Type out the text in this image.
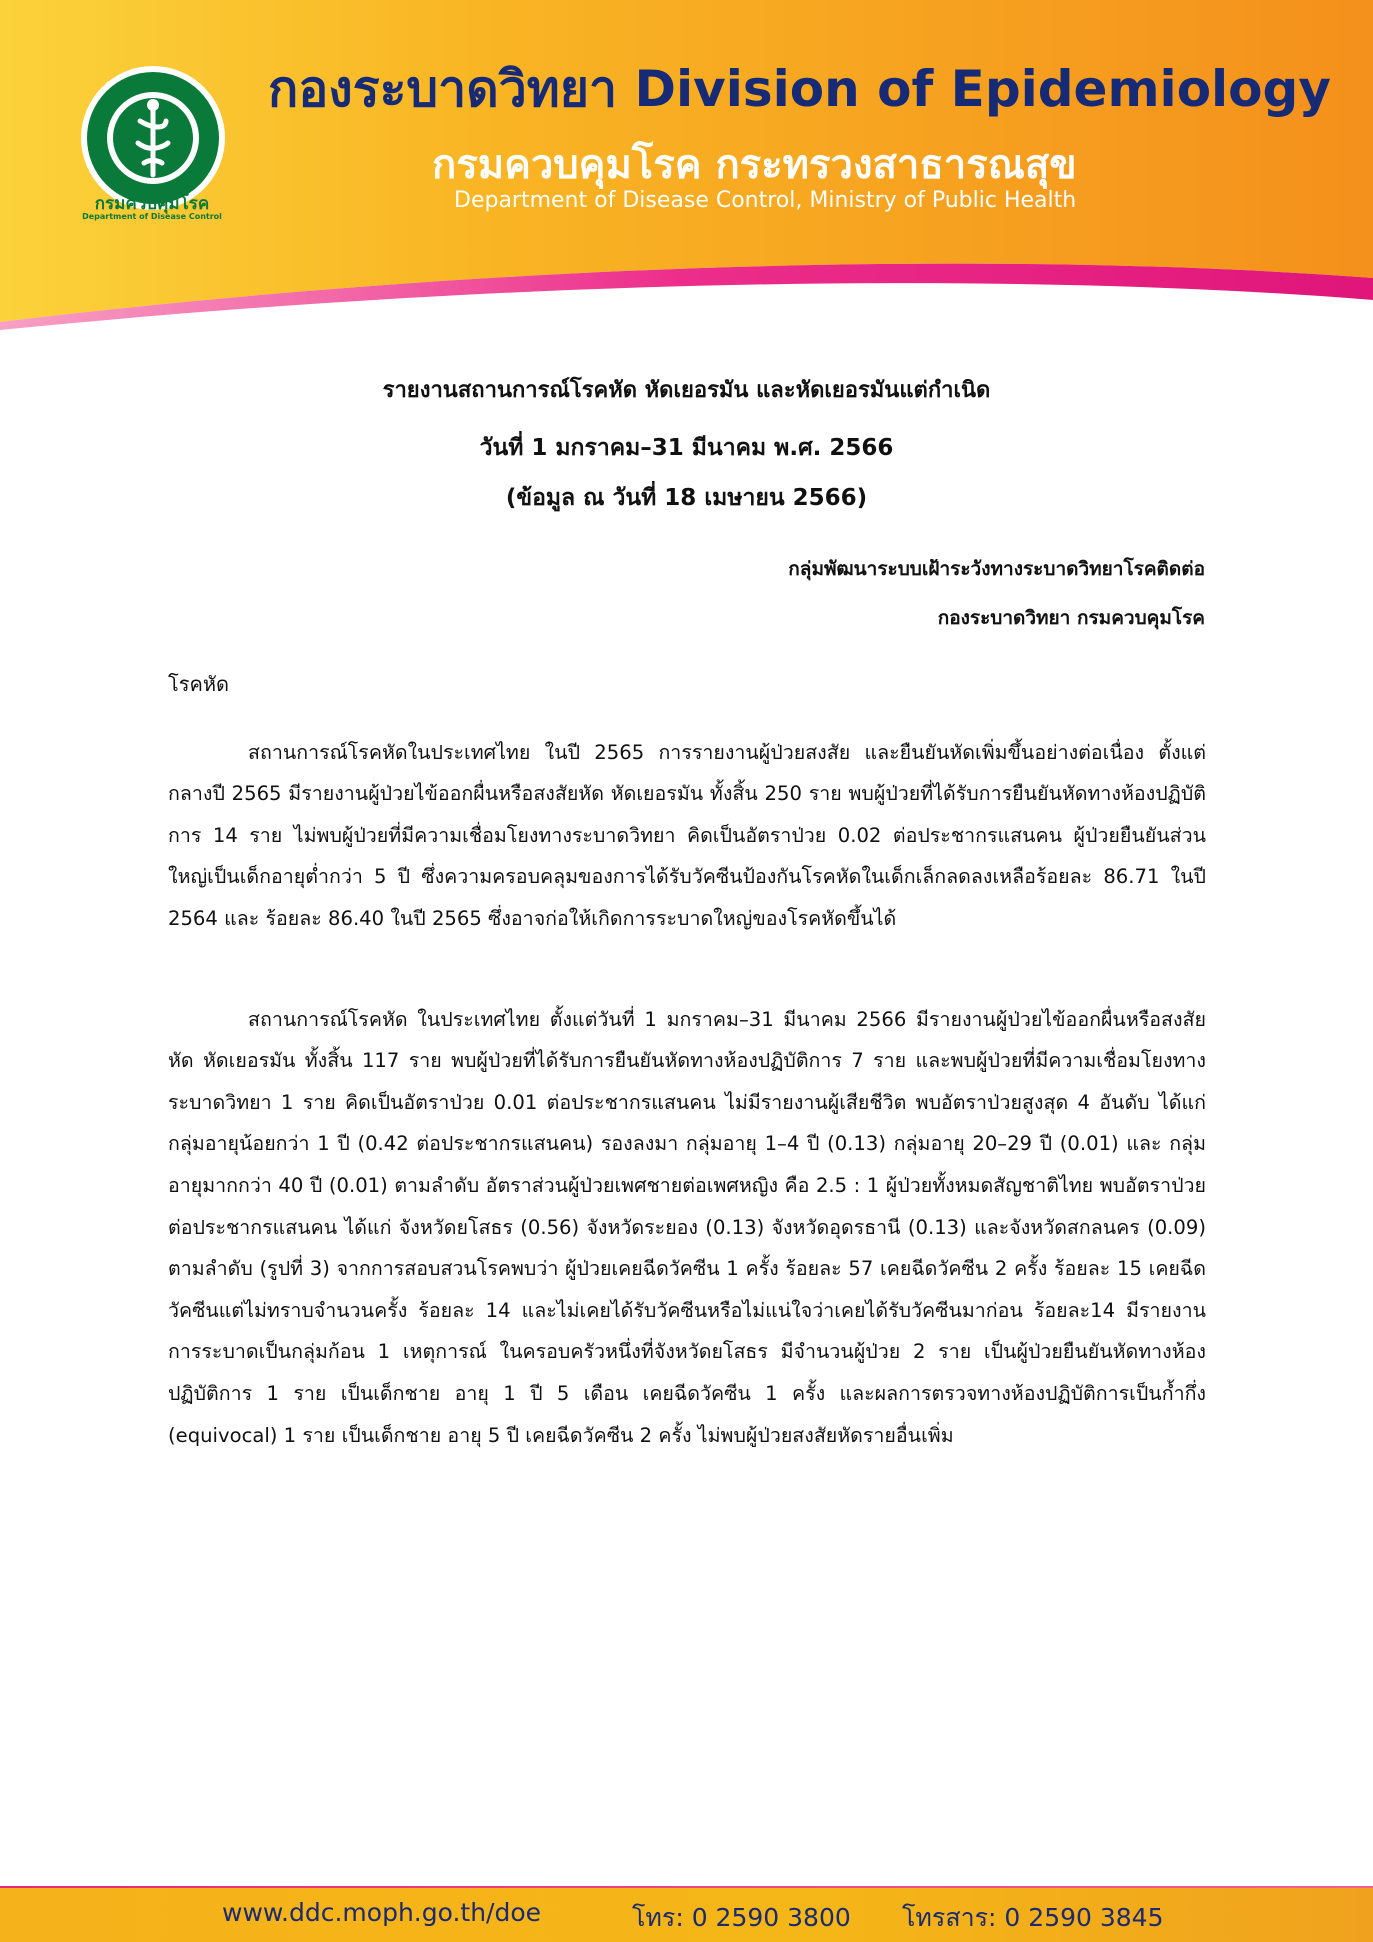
กรมควบคุมโรค
Department of Disease Control
กองระบาดวิทยา Division of Epidemiology
กรมควบคุมโรค กระทรวงสาธารณสุข
Department of Disease Control, Ministry of Public Health
รายงานสถานการณ์โรคหัด หัดเยอรมัน และหัดเยอรมันแต่กำเนิด
วันที่ 1 มกราคม–31 มีนาคม พ.ศ. 2566
(ข้อมูล ณ วันที่ 18 เมษายน 2566)
กลุ่มพัฒนาระบบเฝ้าระวังทางระบาดวิทยาโรคติดต่อ
กองระบาดวิทยา กรมควบคุมโรค
โรคหัด

สถานการณ์โรคหัดในประเทศไทย ในปี 2565 การรายงานผู้ป่วยสงสัย และยืนยันหัดเพิ่มขึ้นอย่างต่อเนื่อง ตั้งแต่กลางปี 2565 มีรายงานผู้ป่วยไข้ออกผื่นหรือสงสัยหัด หัดเยอรมัน ทั้งสิ้น 250 ราย พบผู้ป่วยที่ได้รับการยืนยันหัดทางห้องปฏิบัติการ 14 ราย ไม่พบผู้ป่วยที่มีความเชื่อมโยงทางระบาดวิทยา คิดเป็นอัตราป่วย 0.02 ต่อประชากรแสนคน ผู้ป่วยยืนยันส่วนใหญ่เป็นเด็กอายุต่ำกว่า 5 ปี ซึ่งความครอบคลุมของการได้รับวัคซีนป้องกันโรคหัดในเด็กเล็กลดลงเหลือร้อยละ 86.71 ในปี 2564 และ ร้อยละ 86.40 ในปี 2565 ซึ่งอาจก่อให้เกิดการระบาดใหญ่ของโรคหัดขึ้นได้

สถานการณ์โรคหัด ในประเทศไทย ตั้งแต่วันที่ 1 มกราคม–31 มีนาคม 2566 มีรายงานผู้ป่วยไข้ออกผื่นหรือสงสัยหัด หัดเยอรมัน ทั้งสิ้น 117 ราย พบผู้ป่วยที่ได้รับการยืนยันหัดทางห้องปฏิบัติการ 7 ราย และพบผู้ป่วยที่มีความเชื่อมโยงทางระบาดวิทยา 1 ราย คิดเป็นอัตราป่วย 0.01 ต่อประชากรแสนคน ไม่มีรายงานผู้เสียชีวิต พบอัตราป่วยสูงสุด 4 อันดับ ได้แก่ กลุ่มอายุน้อยกว่า 1 ปี (0.42 ต่อประชากรแสนคน) รองลงมา กลุ่มอายุ 1–4 ปี (0.13) กลุ่มอายุ 20–29 ปี (0.01) และ กลุ่มอายุมากกว่า 40 ปี (0.01) ตามลำดับ อัตราส่วนผู้ป่วยเพศชายต่อเพศหญิง คือ 2.5 : 1 ผู้ป่วยทั้งหมดสัญชาติไทย พบอัตราป่วยต่อประชากรแสนคน ได้แก่ จังหวัดยโสธร (0.56) จังหวัดระยอง (0.13) จังหวัดอุดรธานี (0.13) และจังหวัดสกลนคร (0.09) ตามลำดับ (รูปที่ 3) จากการสอบสวนโรคพบว่า ผู้ป่วยเคยฉีดวัคซีน 1 ครั้ง ร้อยละ 57 เคยฉีดวัคซีน 2 ครั้ง ร้อยละ 15 เคยฉีดวัคซีนแต่ไม่ทราบจำนวนครั้ง ร้อยละ 14 และไม่เคยได้รับวัคซีนหรือไม่แน่ใจว่าเคยได้รับวัคซีนมาก่อน ร้อยละ14 มีรายงานการระบาดเป็นกลุ่มก้อน 1 เหตุการณ์ ในครอบครัวหนึ่งที่จังหวัดยโสธร มีจำนวนผู้ป่วย 2 ราย เป็นผู้ป่วยยืนยันหัดทางห้องปฏิบัติการ 1 ราย เป็นเด็กชาย อายุ 1 ปี 5 เดือน เคยฉีดวัคซีน 1 ครั้ง และผลการตรวจทางห้องปฏิบัติการเป็นก้ำกึ่ง (equivocal) 1 ราย เป็นเด็กชาย อายุ 5 ปี เคยฉีดวัคซีน 2 ครั้ง ไม่พบผู้ป่วยสงสัยหัดรายอื่นเพิ่ม

www.ddc.moph.go.th/doe	โทร: 0 2590 3800 โทรสาร: 0 2590 3845
